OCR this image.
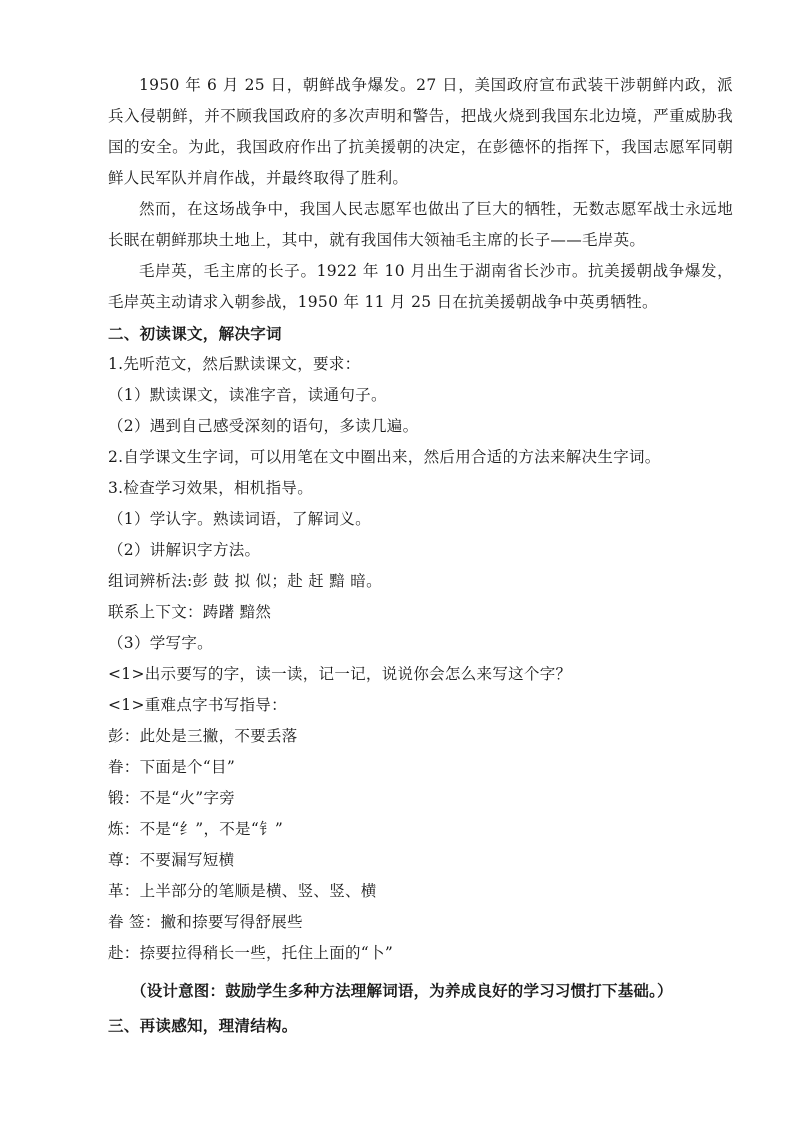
1950 年 6 月 25 日，朝鲜战争爆发。27 日，美国政府宣布武装干涉朝鲜内政，派兵入侵朝鲜，并不顾我国政府的多次声明和警告，把战火烧到我国东北边境，严重威胁我国的安全。为此，我国政府作出了抗美援朝的决定，在彭德怀的指挥下，我国志愿军同朝鲜人民军队并肩作战，并最终取得了胜利。

然而，在这场战争中，我国人民志愿军也做出了巨大的牺牲，无数志愿军战士永远地长眠在朝鲜那块土地上，其中，就有我国伟大领袖毛主席的长子——毛岸英。

毛岸英，毛主席的长子。1922 年 10 月出生于湖南省长沙市。抗美援朝战争爆发，毛岸英主动请求入朝参战，1950 年 11 月 25 日在抗美援朝战争中英勇牺牲。

二、初读课文，解决字词

1.先听范文，然后默读课文，要求：

（1）默读课文，读准字音，读通句子。

（2）遇到自己感受深刻的语句，多读几遍。

2.自学课文生字词，可以用笔在文中圈出来，然后用合适的方法来解决生字词。

3.检查学习效果，相机指导。

（1）学认字。熟读词语，了解词义。

（2）讲解识字方法。

组词辨析法:彭 鼓 拟 似；赴 赶 黯 暗。

联系上下文：踌躇 黯然

（3）学写字。

<1>出示要写的字，读一读，记一记，说说你会怎么来写这个字？

<1>重难点字书写指导：

彭：此处是三撇，不要丢落

眷：下面是个“目”

锻：不是“火”字旁

炼：不是“纟”，不是“钅”

尊：不要漏写短横

革：上半部分的笔顺是横、竖、竖、横

眷 签：撇和捺要写得舒展些

赴：捺要拉得稍长一些，托住上面的“卜”

（设计意图：鼓励学生多种方法理解词语，为养成良好的学习习惯打下基础。）

三、再读感知，理清结构。
